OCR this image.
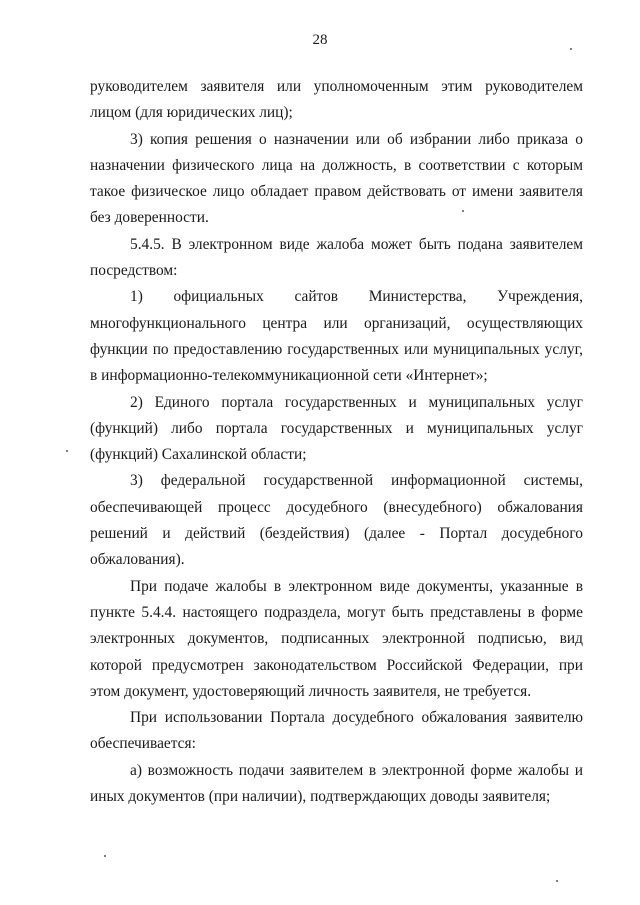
28

руководителем заявителя или уполномоченным этим руководителем лицом (для юридических лиц);

3) копия решения о назначении или об избрании либо приказа о назначении физического лица на должность, в соответствии с которым такое физическое лицо обладает правом действовать от имени заявителя без доверенности.

5.4.5. В электронном виде жалоба может быть подана заявителем посредством:

1) официальных сайтов Министерства, Учреждения, многофункционального центра или организаций, осуществляющих функции по предоставлению государственных или муниципальных услуг, в информационно-телекоммуникационной сети «Интернет»;

2) Единого портала государственных и муниципальных услуг (функций) либо портала государственных и муниципальных услуг (функций) Сахалинской области;

3) федеральной государственной информационной системы, обеспечивающей процесс досудебного (внесудебного) обжалования решений и действий (бездействия) (далее - Портал досудебного обжалования).

При подаче жалобы в электронном виде документы, указанные в пункте 5.4.4. настоящего подраздела, могут быть представлены в форме электронных документов, подписанных электронной подписью, вид которой предусмотрен законодательством Российской Федерации, при этом документ, удостоверяющий личность заявителя, не требуется.

При использовании Портала досудебного обжалования заявителю обеспечивается:

а) возможность подачи заявителем в электронной форме жалобы и иных документов (при наличии), подтверждающих доводы заявителя;
